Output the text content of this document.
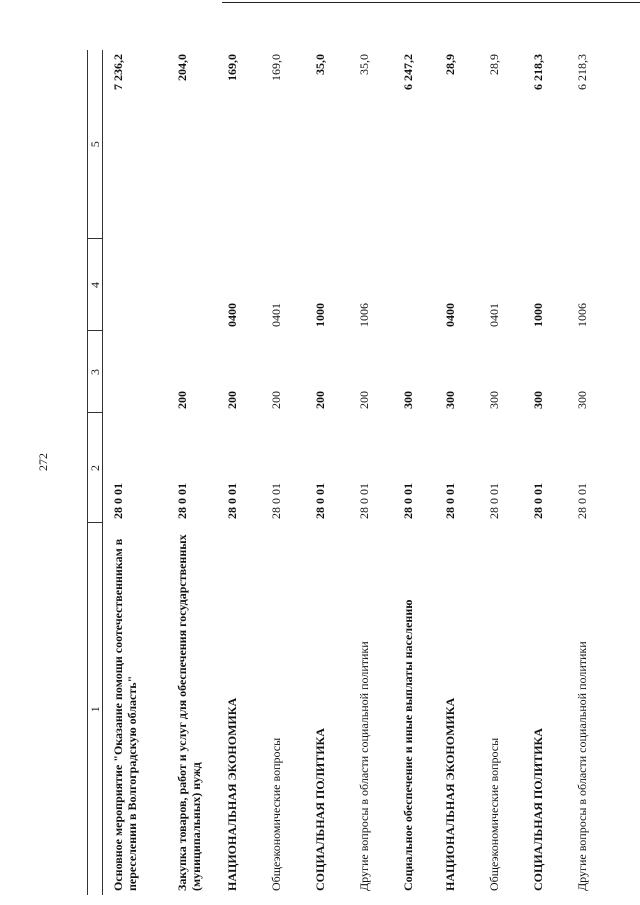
272
1	2	3	4	5
Основное мероприятие "Оказание помощи соотечественникам в переселении в Волгоградскую область"	28 0 01			7 236,2
Закупка товаров, работ и услуг для обеспечения государственных (муниципальных) нужд	28 0 01	200		204,0
НАЦИОНАЛЬНАЯ ЭКОНОМИКА	28 0 01	200	0400	169,0
Общеэкономические вопросы	28 0 01	200	0401	169,0
СОЦИАЛЬНАЯ ПОЛИТИКА	28 0 01	200	1000	35,0
Другие вопросы в области социальной политики	28 0 01	200	1006	35,0
Социальное обеспечение и иные выплаты населению	28 0 01	300		6 247,2
НАЦИОНАЛЬНАЯ ЭКОНОМИКА	28 0 01	300	0400	28,9
Общеэкономические вопросы	28 0 01	300	0401	28,9
СОЦИАЛЬНАЯ ПОЛИТИКА	28 0 01	300	1000	6 218,3
Другие вопросы в области социальной политики	28 0 01	300	1006	6 218,3
